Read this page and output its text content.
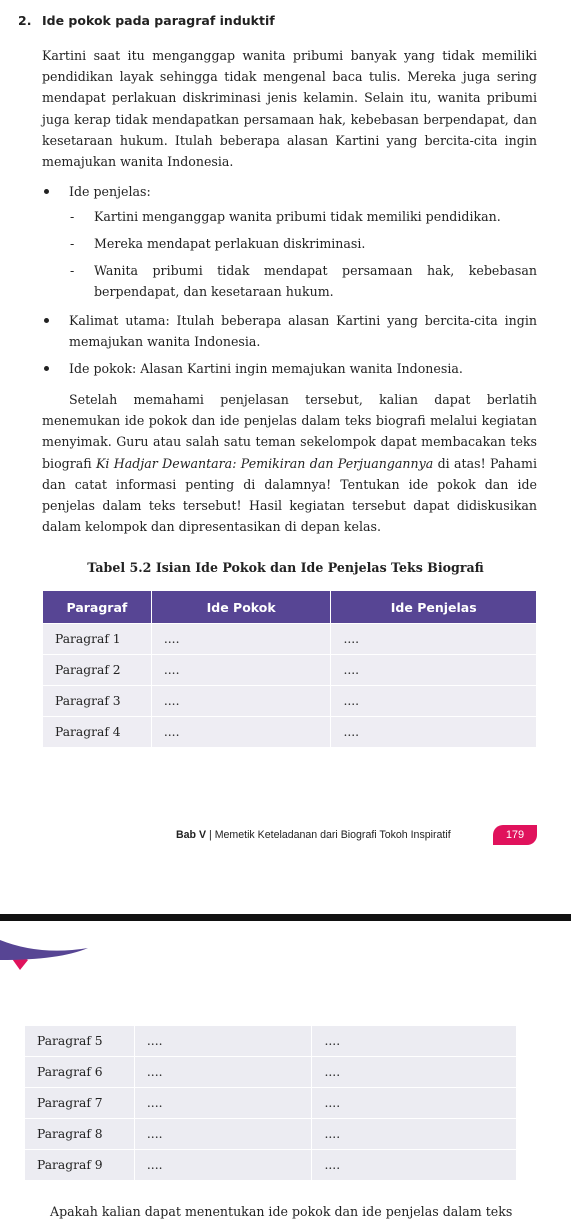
2. Ide pokok pada paragraf induktif

Kartini saat itu menganggap wanita pribumi banyak yang tidak memiliki pendidikan layak sehingga tidak mengenal baca tulis. Mereka juga sering mendapat perlakuan diskriminasi jenis kelamin. Selain itu, wanita pribumi juga kerap tidak mendapatkan persamaan hak, kebebasan berpendapat, dan kesetaraan hukum. Itulah beberapa alasan Kartini yang bercita-cita ingin memajukan wanita Indonesia.

Ide penjelas:
- Kartini menganggap wanita pribumi tidak memiliki pendidikan.
- Mereka mendapat perlakuan diskriminasi.
- Wanita pribumi tidak mendapat persamaan hak, kebebasan berpendapat, dan kesetaraan hukum.
Kalimat utama: Itulah beberapa alasan Kartini yang bercita-cita ingin memajukan wanita Indonesia.
Ide pokok: Alasan Kartini ingin memajukan wanita Indonesia.

Setelah memahami penjelasan tersebut, kalian dapat berlatih menemukan ide pokok dan ide penjelas dalam teks biografi melalui kegiatan menyimak. Guru atau salah satu teman sekelompok dapat membacakan teks biografi Ki Hadjar Dewantara: Pemikiran dan Perjuangannya di atas! Pahami dan catat informasi penting di dalamnya! Tentukan ide pokok dan ide penjelas dalam teks tersebut! Hasil kegiatan tersebut dapat didiskusikan dalam kelompok dan dipresentasikan di depan kelas.

Tabel 5.2 Isian Ide Pokok dan Ide Penjelas Teks Biografi
Paragraf	Ide Pokok	Ide Penjelas
Paragraf 1	....	....
Paragraf 2	....	....
Paragraf 3	....	....
Paragraf 4	....	....
Bab V | Memetik Keteladanan dari Biografi Tokoh Inspiratif	179
Paragraf 5	....	....
Paragraf 6	....	....
Paragraf 7	....	....
Paragraf 8	....	....
Paragraf 9	....	....
Apakah kalian dapat menentukan ide pokok dan ide penjelas dalam teks
